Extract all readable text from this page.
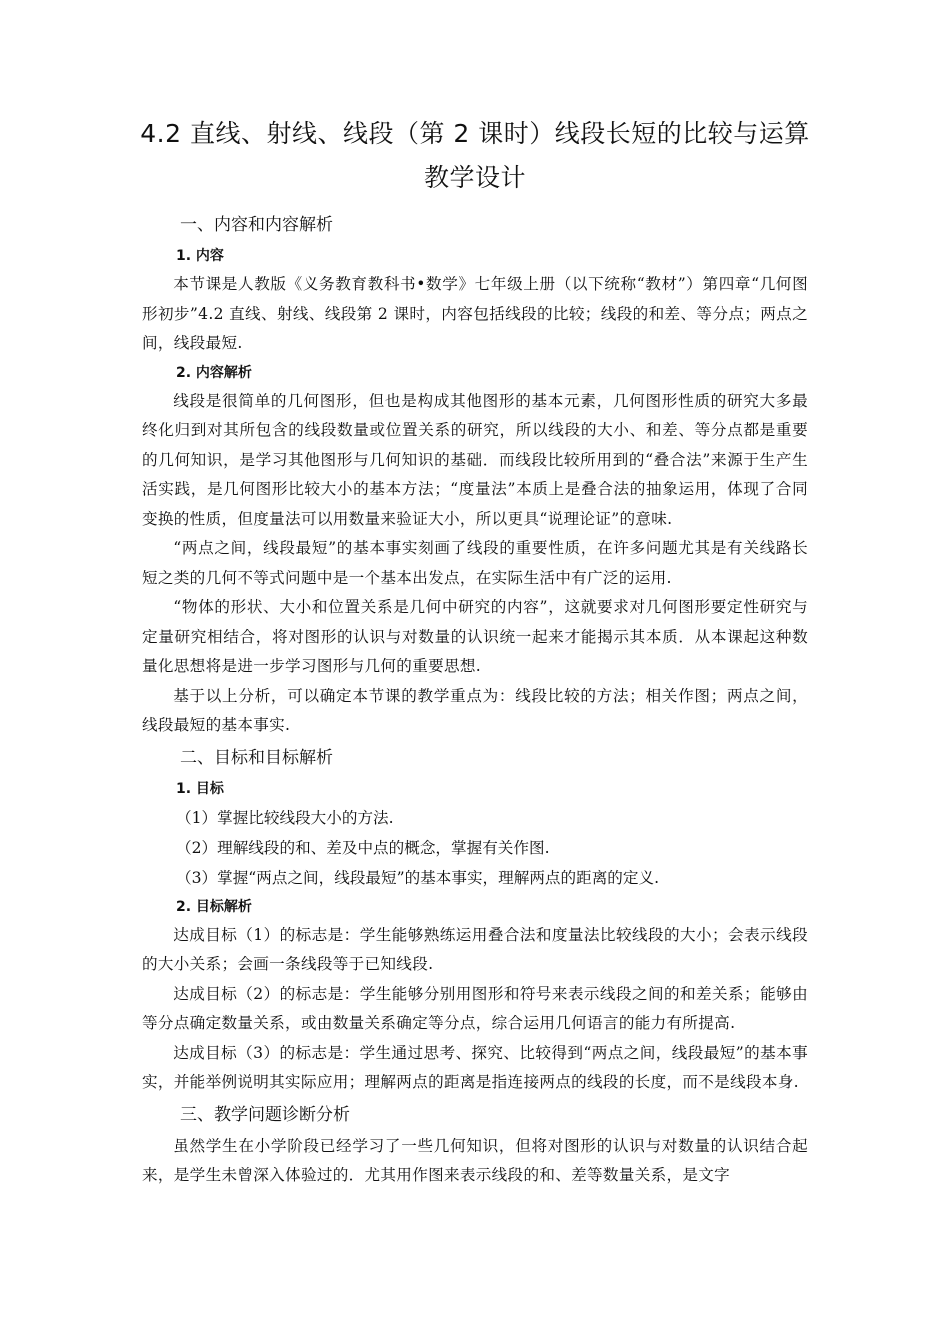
4.2 直线、射线、线段（第 2 课时）线段长短的比较与运算
教学设计
一、内容和内容解析
1. 内容

本节课是人教版《义务教育教科书•数学》七年级上册（以下统称“教材”）第四章“几何图形初步”4.2 直线、射线、线段第 2 课时，内容包括线段的比较；线段的和差、等分点；两点之间，线段最短.

2. 内容解析

线段是很简单的几何图形，但也是构成其他图形的基本元素，几何图形性质的研究大多最终化归到对其所包含的线段数量或位置关系的研究，所以线段的大小、和差、等分点都是重要的几何知识，是学习其他图形与几何知识的基础．而线段比较所用到的“叠合法”来源于生产生活实践，是几何图形比较大小的基本方法；“度量法”本质上是叠合法的抽象运用，体现了合同变换的性质，但度量法可以用数量来验证大小，所以更具“说理论证”的意味.

“两点之间，线段最短”的基本事实刻画了线段的重要性质，在许多问题尤其是有关线路长短之类的几何不等式问题中是一个基本出发点，在实际生活中有广泛的运用.

“物体的形状、大小和位置关系是几何中研究的内容”，这就要求对几何图形要定性研究与定量研究相结合，将对图形的认识与对数量的认识统一起来才能揭示其本质．从本课起这种数量化思想将是进一步学习图形与几何的重要思想.

基于以上分析，可以确定本节课的教学重点为：线段比较的方法；相关作图；两点之间，线段最短的基本事实.

二、目标和目标解析
1. 目标

（1）掌握比较线段大小的方法.

（2）理解线段的和、差及中点的概念，掌握有关作图.

（3）掌握“两点之间，线段最短”的基本事实，理解两点的距离的定义.

2. 目标解析

达成目标（1）的标志是：学生能够熟练运用叠合法和度量法比较线段的大小；会表示线段的大小关系；会画一条线段等于已知线段.

达成目标（2）的标志是：学生能够分别用图形和符号来表示线段之间的和差关系；能够由等分点确定数量关系，或由数量关系确定等分点，综合运用几何语言的能力有所提高.

达成目标（3）的标志是：学生通过思考、探究、比较得到“两点之间，线段最短”的基本事实，并能举例说明其实际应用；理解两点的距离是指连接两点的线段的长度，而不是线段本身.

三、教学问题诊断分析

虽然学生在小学阶段已经学习了一些几何知识，但将对图形的认识与对数量的认识结合起来，是学生未曾深入体验过的．尤其用作图来表示线段的和、差等数量关系，是文字
